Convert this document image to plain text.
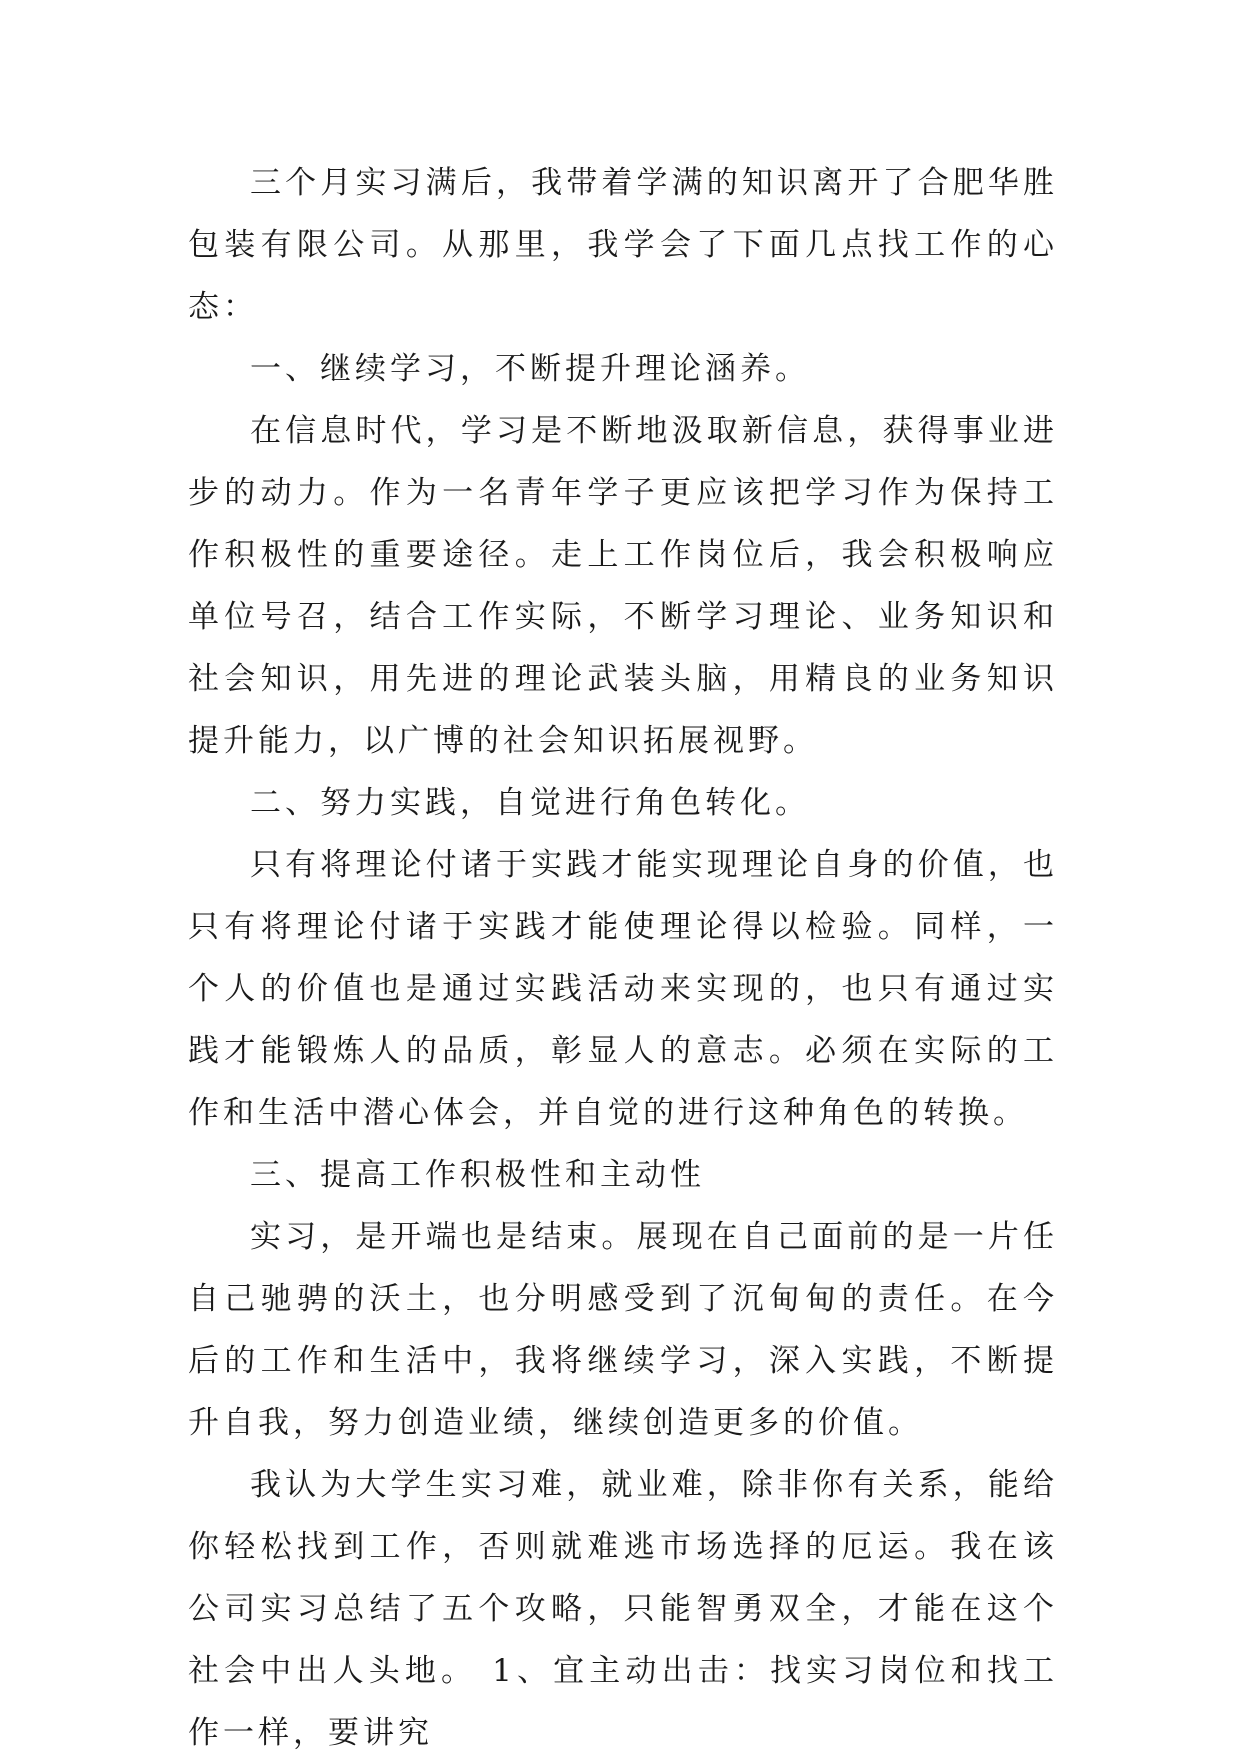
三个月实习满后，我带着学满的知识离开了合肥华胜包装有限公司。从那里，我学会了下面几点找工作的心态：

一、继续学习，不断提升理论涵养。

在信息时代，学习是不断地汲取新信息，获得事业进步的动力。作为一名青年学子更应该把学习作为保持工作积极性的重要途径。走上工作岗位后，我会积极响应单位号召，结合工作实际，不断学习理论、业务知识和社会知识，用先进的理论武装头脑，用精良的业务知识提升能力，以广博的社会知识拓展视野。

二、努力实践，自觉进行角色转化。

只有将理论付诸于实践才能实现理论自身的价值，也只有将理论付诸于实践才能使理论得以检验。同样，一个人的价值也是通过实践活动来实现的，也只有通过实践才能锻炼人的品质，彰显人的意志。必须在实际的工作和生活中潜心体会，并自觉的进行这种角色的转换。

三、提高工作积极性和主动性

实习，是开端也是结束。展现在自己面前的是一片任自己驰骋的沃土，也分明感受到了沉甸甸的责任。在今后的工作和生活中，我将继续学习，深入实践，不断提升自我，努力创造业绩，继续创造更多的价值。

我认为大学生实习难，就业难，除非你有关系，能给你轻松找到工作，否则就难逃市场选择的厄运。我在该公司实习总结了五个攻略，只能智勇双全，才能在这个社会中出人头地。 1、宜主动出击：找实习岗位和找工作一样，要讲究
